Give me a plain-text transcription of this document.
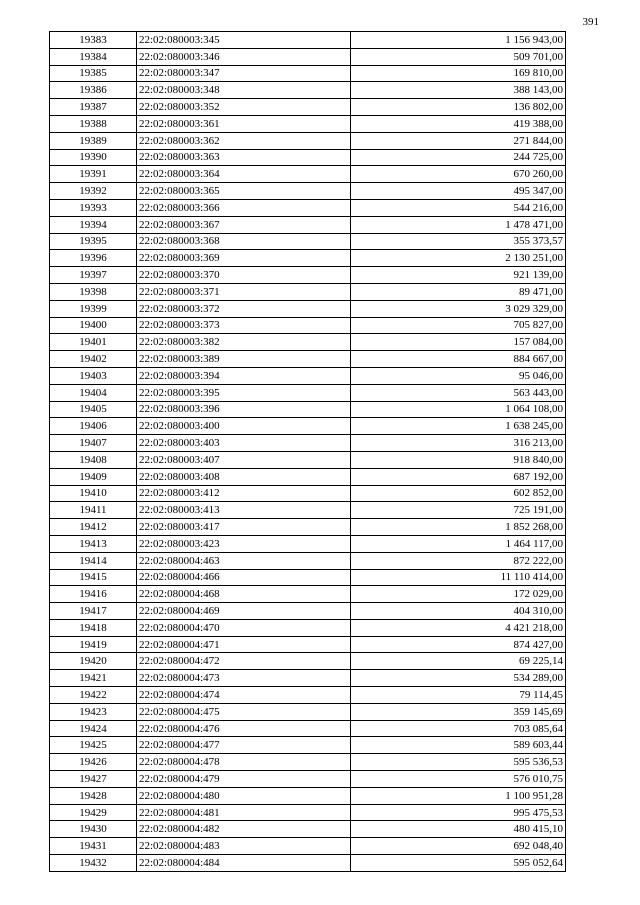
391
19383	22:02:080003:345	1 156 943,00
19384	22:02:080003:346	509 701,00
19385	22:02:080003:347	169 810,00
19386	22:02:080003:348	388 143,00
19387	22:02:080003:352	136 802,00
19388	22:02:080003:361	419 388,00
19389	22:02:080003:362	271 844,00
19390	22:02:080003:363	244 725,00
19391	22:02:080003:364	670 260,00
19392	22:02:080003:365	495 347,00
19393	22:02:080003:366	544 216,00
19394	22:02:080003:367	1 478 471,00
19395	22:02:080003:368	355 373,57
19396	22:02:080003:369	2 130 251,00
19397	22:02:080003:370	921 139,00
19398	22:02:080003:371	89 471,00
19399	22:02:080003:372	3 029 329,00
19400	22:02:080003:373	705 827,00
19401	22:02:080003:382	157 084,00
19402	22:02:080003:389	884 667,00
19403	22:02:080003:394	95 046,00
19404	22:02:080003:395	563 443,00
19405	22:02:080003:396	1 064 108,00
19406	22:02:080003:400	1 638 245,00
19407	22:02:080003:403	316 213,00
19408	22:02:080003:407	918 840,00
19409	22:02:080003:408	687 192,00
19410	22:02:080003:412	602 852,00
19411	22:02:080003:413	725 191,00
19412	22:02:080003:417	1 852 268,00
19413	22:02:080003:423	1 464 117,00
19414	22:02:080004:463	872 222,00
19415	22:02:080004:466	11 110 414,00
19416	22:02:080004:468	172 029,00
19417	22:02:080004:469	404 310,00
19418	22:02:080004:470	4 421 218,00
19419	22:02:080004:471	874 427,00
19420	22:02:080004:472	69 225,14
19421	22:02:080004:473	534 289,00
19422	22:02:080004:474	79 114,45
19423	22:02:080004:475	359 145,69
19424	22:02:080004:476	703 085,64
19425	22:02:080004:477	589 603,44
19426	22:02:080004:478	595 536,53
19427	22:02:080004:479	576 010,75
19428	22:02:080004:480	1 100 951,28
19429	22:02:080004:481	995 475,53
19430	22:02:080004:482	480 415,10
19431	22:02:080004:483	692 048,40
19432	22:02:080004:484	595 052,64
